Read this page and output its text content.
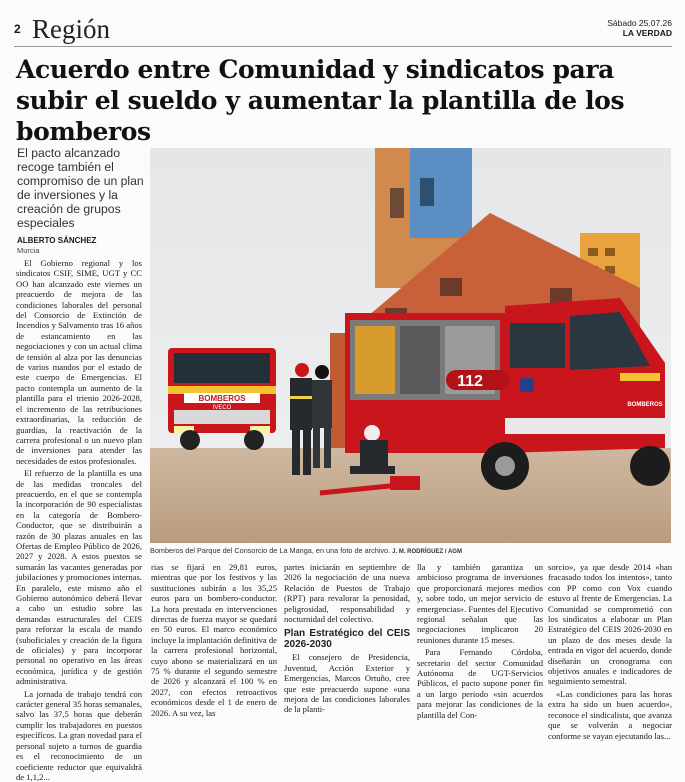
2 Región	Sábado 25.07.26
LA VERDAD
Acuerdo entre Comunidad y sindicatos para subir el sueldo y aumentar la plantilla de los bomberos
El pacto alcanzado recoge también el compromiso de un plan de inversiones y la creación de grupos especiales
ALBERTO SÁNCHEZ
Murcia

El Gobierno regional y los sindicatos CSIF, SIME, UGT y CC OO han alcanzado este viernes un preacuerdo de mejora de las condiciones laborales del personal del Consorcio de Extinción de Incendios y Salvamento tras 16 años de estancamiento en las negociaciones y con un actual clima de tensión al alza por las denuncias de varios mandos por el estado de este cuerpo de Emergencias. El pacto contempla un aumento de la plantilla para el trienio 2026-2028, el incremento de las retribuciones extraordinarias, la reducción de guardias, la reactivación de la carrera profesional o un nuevo plan de inversiones para atender las necesidades de estos profesionales.

El refuerzo de la plantilla es una de las medidas troncales del preacuerdo, en el que se contempla la incorporación de 90 especialistas en la categoría de Bombero-Conductor, que se distribuirán a razón de 30 plazas anuales en las Ofertas de Empleo Público de 2026, 2027 y 2028. A estos puestos se sumarán las vacantes generadas por jubilaciones y promociones internas. En paralelo, este mismo año el Gobierno autonómico deberá llevar a cabo un estudio sobre las demandas estructurales del CEIS para reforzar la escala de mando (suboficiales y creación de la figura de oficiales) y para incorporar personal no operativo en las áreas económica, jurídica y de gestión administrativa.

La jornada de trabajo tendrá con carácter general 35 horas semanales, salvo las 37,5 horas que deberán cumplir los trabajadores en puestos específicos. La gran novedad para el personal sujeto a turnos de guardia es el reconocimiento de un coeficiente reductor que equivaldrá de 1,1,2...

BOMBEROS
IVECO
112
BOMBEROS
Bomberos del Parque del Consorcio de La Manga, en una foto de archivo. J. M. RODRÍGUEZ / AGM

rias se fijará en 29,81 euros, mientras que por los festivos y las sustituciones subirán a los 35,25 euros para un bombero-conductor. La hora prestada en intervenciones directas de fuerza mayor se quedará en 50 euros. El marco económico incluye la implantación definitiva de la carrera profesional horizontal, cuyo abono se materializará en un 75 % durante el segundo semestre de 2026 y alcanzará el 100 % en 2027, con efectos retroactivos económicos desde el 1 de enero de 2026. A su vez, las

partes iniciarán en septiembre de 2026 la negociación de una nueva Relación de Puestos de Trabajo (RPT) para revalorar la penosidad, peligrosidad, responsabilidad y nocturnidad del colectivo.

Plan Estratégico del CEIS 2026-2030

El consejero de Presidencia, Juventud, Acción Exterior y Emergencias, Marcos Ortuño, cree que este preacuerdo supone «una mejora de las condiciones laborales de la planti-

lla y también garantiza un ambicioso programa de inversiones que proporcionará mejores medios y, sobre todo, un mejor servicio de emergencias». Fuentes del Ejecutivo regional señalan que las negociaciones implicaron 20 reuniones durante 15 meses.

Para Fernando Córdoba, secretario del sector Comunidad Autónoma de UGT-Servicios Públicos, el pacto supone poner fin a un largo periodo «sin acuerdos para mejorar las condiciones de la plantilla del Con-

sorcio», ya que desde 2014 «han fracasado todos los intentos», tanto con PP como con Vox cuando estuvo al frente de Emergencias. La Comunidad se comprometió con los sindicatos a elaborar un Plan Estratégico del CEIS 2026-2030 en un plazo de dos meses desde la entrada en vigor del acuerdo, donde diseñarán un cronograma con objetivos anuales e indicadores de seguimiento semestral.

«Las condiciones para las horas extra ha sido un buen acuerdo», reconoce el sindicalista, que avanza que se volverán a negociar conforme se vayan ejecutando las...
